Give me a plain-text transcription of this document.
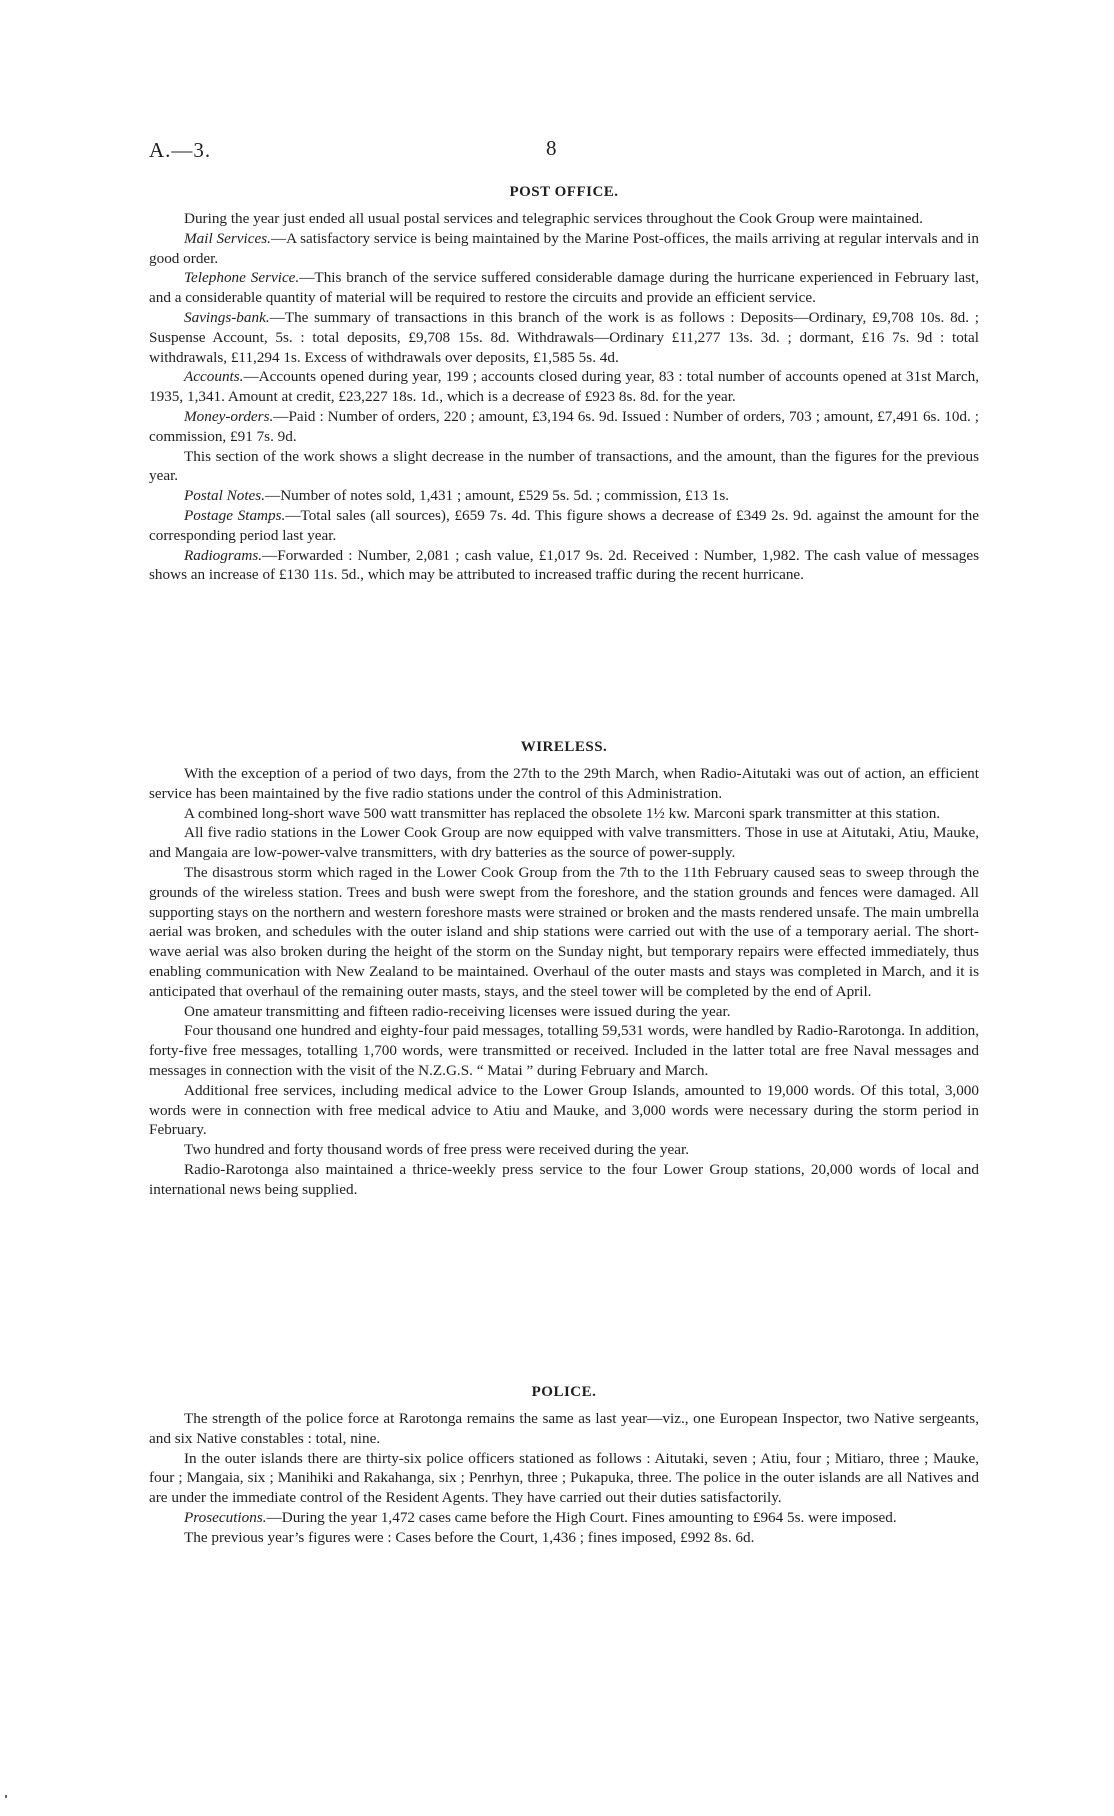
A.—3.	8
POST OFFICE.

During the year just ended all usual postal services and telegraphic services throughout the Cook Group were maintained.

Mail Services.—A satisfactory service is being maintained by the Marine Post-offices, the mails arriving at regular intervals and in good order.

Telephone Service.—This branch of the service suffered considerable damage during the hurricane experienced in February last, and a considerable quantity of material will be required to restore the circuits and provide an efficient service.

Savings-bank.—The summary of transactions in this branch of the work is as follows : Deposits—Ordinary, £9,708 10s. 8d. ; Suspense Account, 5s. : total deposits, £9,708 15s. 8d. Withdrawals—Ordinary £11,277 13s. 3d. ; dormant, £16 7s. 9d : total withdrawals, £11,294 1s. Excess of withdrawals over deposits, £1,585 5s. 4d.

Accounts.—Accounts opened during year, 199 ; accounts closed during year, 83 : total number of accounts opened at 31st March, 1935, 1,341. Amount at credit, £23,227 18s. 1d., which is a decrease of £923 8s. 8d. for the year.

Money-orders.—Paid : Number of orders, 220 ; amount, £3,194 6s. 9d. Issued : Number of orders, 703 ; amount, £7,491 6s. 10d. ; commission, £91 7s. 9d.

This section of the work shows a slight decrease in the number of transactions, and the amount, than the figures for the previous year.

Postal Notes.—Number of notes sold, 1,431 ; amount, £529 5s. 5d. ; commission, £13 1s.

Postage Stamps.—Total sales (all sources), £659 7s. 4d. This figure shows a decrease of £349 2s. 9d. against the amount for the corresponding period last year.

Radiograms.—Forwarded : Number, 2,081 ; cash value, £1,017 9s. 2d. Received : Number, 1,982. The cash value of messages shows an increase of £130 11s. 5d., which may be attributed to increased traffic during the recent hurricane.

WIRELESS.

With the exception of a period of two days, from the 27th to the 29th March, when Radio-Aitutaki was out of action, an efficient service has been maintained by the five radio stations under the control of this Administration.

A combined long-short wave 500 watt transmitter has replaced the obsolete 1½ kw. Marconi spark transmitter at this station.

All five radio stations in the Lower Cook Group are now equipped with valve transmitters. Those in use at Aitutaki, Atiu, Mauke, and Mangaia are low-power-valve transmitters, with dry batteries as the source of power-supply.

The disastrous storm which raged in the Lower Cook Group from the 7th to the 11th February caused seas to sweep through the grounds of the wireless station. Trees and bush were swept from the foreshore, and the station grounds and fences were damaged. All supporting stays on the northern and western foreshore masts were strained or broken and the masts rendered unsafe. The main umbrella aerial was broken, and schedules with the outer island and ship stations were carried out with the use of a temporary aerial. The short-wave aerial was also broken during the height of the storm on the Sunday night, but temporary repairs were effected immediately, thus enabling communication with New Zealand to be maintained. Overhaul of the outer masts and stays was completed in March, and it is anticipated that overhaul of the remaining outer masts, stays, and the steel tower will be completed by the end of April.

One amateur transmitting and fifteen radio-receiving licenses were issued during the year.

Four thousand one hundred and eighty-four paid messages, totalling 59,531 words, were handled by Radio-Rarotonga. In addition, forty-five free messages, totalling 1,700 words, were transmitted or received. Included in the latter total are free Naval messages and messages in connection with the visit of the N.Z.G.S. “ Matai ” during February and March.

Additional free services, including medical advice to the Lower Group Islands, amounted to 19,000 words. Of this total, 3,000 words were in connection with free medical advice to Atiu and Mauke, and 3,000 words were necessary during the storm period in February.

Two hundred and forty thousand words of free press were received during the year.

Radio-Rarotonga also maintained a thrice-weekly press service to the four Lower Group stations, 20,000 words of local and international news being supplied.

POLICE.

The strength of the police force at Rarotonga remains the same as last year—viz., one European Inspector, two Native sergeants, and six Native constables : total, nine.

In the outer islands there are thirty-six police officers stationed as follows : Aitutaki, seven ; Atiu, four ; Mitiaro, three ; Mauke, four ; Mangaia, six ; Manihiki and Rakahanga, six ; Penrhyn, three ; Pukapuka, three. The police in the outer islands are all Natives and are under the immediate control of the Resident Agents. They have carried out their duties satisfactorily.

Prosecutions.—During the year 1,472 cases came before the High Court. Fines amounting to £964 5s. were imposed.

The previous year’s figures were : Cases before the Court, 1,436 ; fines imposed, £992 8s. 6d.
